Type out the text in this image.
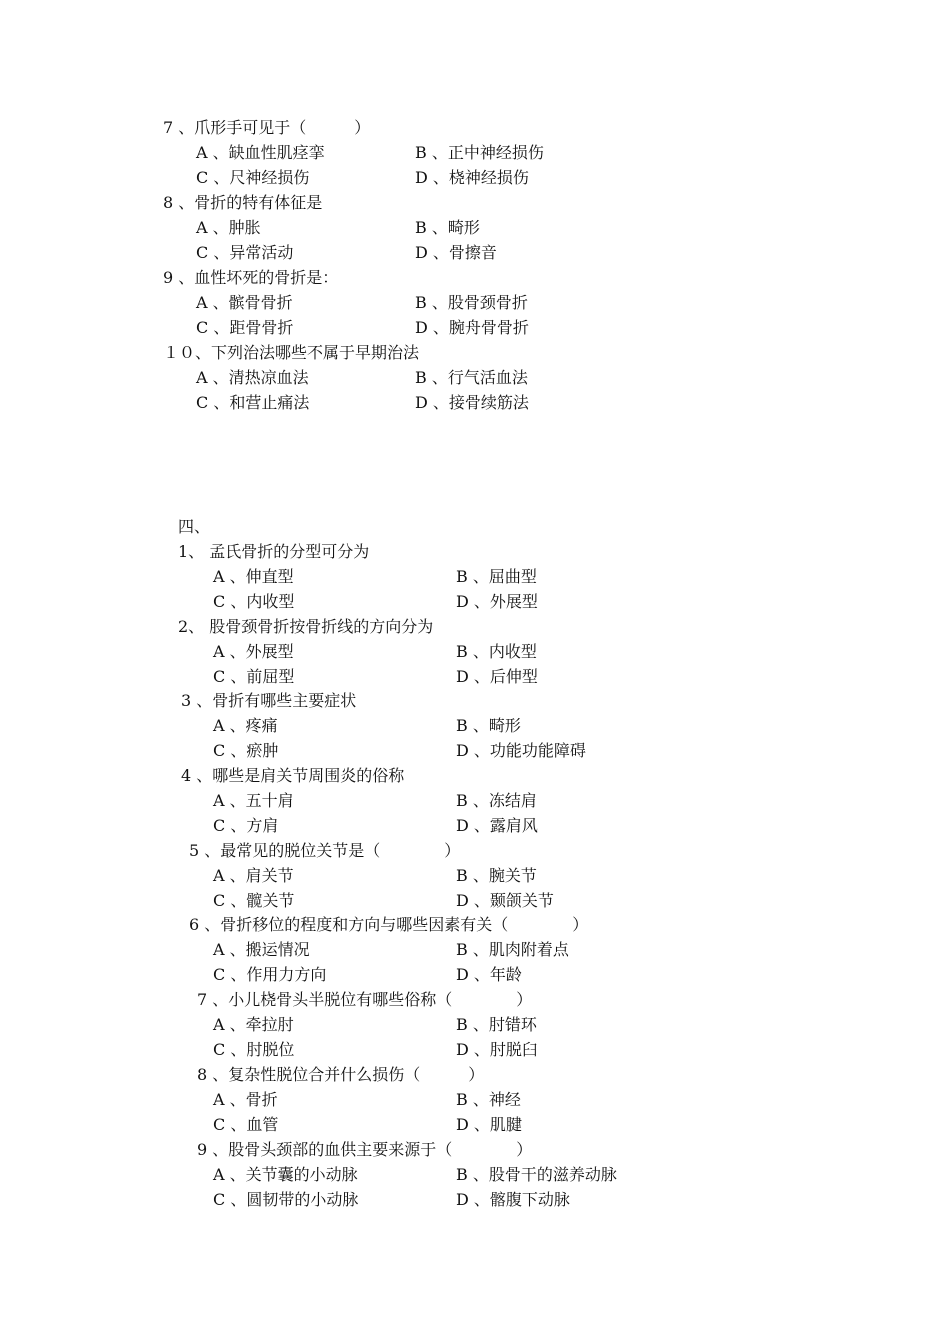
7 、爪形手可见于（　　　）
A 、缺血性肌痉挛	B 、正中神经损伤
C 、尺神经损伤	D 、桡神经损伤
8 、骨折的特有体征是
A 、肿胀	B 、畸形
C 、异常活动	D 、骨擦音
9 、血性坏死的骨折是：
A 、髌骨骨折	B 、股骨颈骨折
C 、距骨骨折	D 、腕舟骨骨折
１０、下列治法哪些不属于早期治法
A 、清热凉血法	B 、行气活血法
C 、和营止痛法	D 、接骨续筋法
四、
1、 孟氏骨折的分型可分为
A 、伸直型	B 、屈曲型
C 、内收型	D 、外展型
2、 股骨颈骨折按骨折线的方向分为
A 、外展型	B 、内收型
C 、前屈型	D 、后伸型
3 、骨折有哪些主要症状
A 、疼痛	B 、畸形
C 、瘀肿	D 、功能功能障碍
4 、哪些是肩关节周围炎的俗称
A 、五十肩	B 、冻结肩
C 、方肩	D 、露肩风
5 、最常见的脱位关节是（　　　　）
A 、肩关节	B 、腕关节
C 、髋关节	D 、颞颌关节
6 、骨折移位的程度和方向与哪些因素有关（　　　　）
A 、搬运情况	B 、肌肉附着点
C 、作用力方向	D 、年龄
7 、小儿桡骨头半脱位有哪些俗称（　　　　）
A 、牵拉肘	B 、肘错环
C 、肘脱位	D 、肘脱臼
8 、复杂性脱位合并什么损伤（　　　）
A 、骨折	B 、神经
C 、血管	D 、肌腱
9 、股骨头颈部的血供主要来源于（　　　　）
A 、关节囊的小动脉	B 、股骨干的滋养动脉
C 、圆韧带的小动脉	D 、髂腹下动脉
